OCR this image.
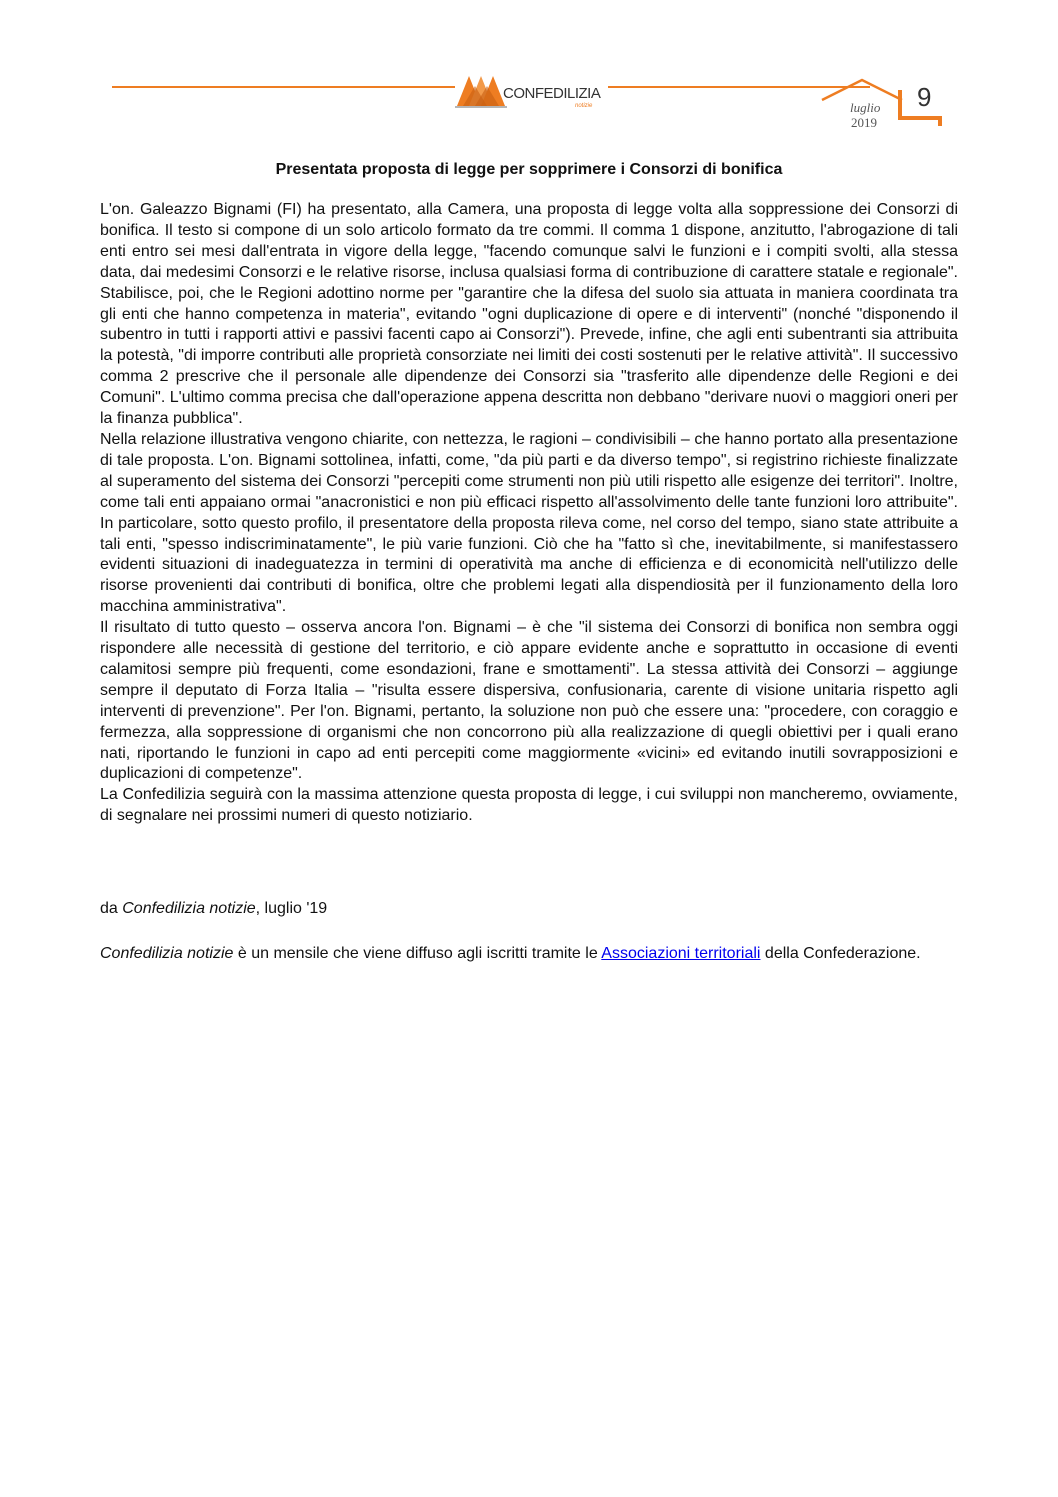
CONFEDILIZIA
notizie	luglio
2019
9
Presentata proposta di legge per sopprimere i Consorzi di bonifica

L'on. Galeazzo Bignami (FI) ha presentato, alla Camera, una proposta di legge volta alla soppressione dei Consorzi di bonifica. Il testo si compone di un solo articolo formato da tre commi. Il comma 1 dispone, anzitutto, l'abrogazione di tali enti entro sei mesi dall'entrata in vigore della legge, "facendo comunque salvi le funzioni e i compiti svolti, alla stessa data, dai medesimi Consorzi e le relative risorse, inclusa qualsiasi forma di contribuzione di carattere statale e regionale". Stabilisce, poi, che le Regioni adottino norme per "garantire che la difesa del suolo sia attuata in maniera coordinata tra gli enti che hanno competenza in materia", evitando "ogni duplicazione di opere e di interventi" (nonché "disponendo il subentro in tutti i rapporti attivi e passivi facenti capo ai Consorzi"). Prevede, infine, che agli enti subentranti sia attribuita la potestà, "di imporre contributi alle proprietà consorziate nei limiti dei costi sostenuti per le relative attività". Il successivo comma 2 prescrive che il personale alle dipendenze dei Consorzi sia "trasferito alle dipendenze delle Regioni e dei Comuni". L'ultimo comma precisa che dall'operazione appena descritta non debbano "derivare nuovi o maggiori oneri per la finanza pubblica".

Nella relazione illustrativa vengono chiarite, con nettezza, le ragioni – condivisibili – che hanno portato alla presentazione di tale proposta. L'on. Bignami sottolinea, infatti, come, "da più parti e da diverso tempo", si registrino richieste finalizzate al superamento del sistema dei Consorzi "percepiti come strumenti non più utili rispetto alle esigenze dei territori". Inoltre, come tali enti appaiano ormai "anacronistici e non più efficaci rispetto all'assolvimento delle tante funzioni loro attribuite". In particolare, sotto questo profilo, il presentatore della proposta rileva come, nel corso del tempo, siano state attribuite a tali enti, "spesso indiscriminatamente", le più varie funzioni. Ciò che ha "fatto sì che, inevitabilmente, si manifestassero evidenti situazioni di inadeguatezza in termini di operatività ma anche di efficienza e di economicità nell'utilizzo delle risorse provenienti dai contributi di bonifica, oltre che problemi legati alla dispendiosità per il funzionamento della loro macchina amministrativa".

Il risultato di tutto questo – osserva ancora l'on. Bignami – è che "il sistema dei Consorzi di bonifica non sembra oggi rispondere alle necessità di gestione del territorio, e ciò appare evidente anche e soprattutto in occasione di eventi calamitosi sempre più frequenti, come esondazioni, frane e smottamenti". La stessa attività dei Consorzi – aggiunge sempre il deputato di Forza Italia – "risulta essere dispersiva, confusionaria, carente di visione unitaria rispetto agli interventi di prevenzione". Per l'on. Bignami, pertanto, la soluzione non può che essere una: "procedere, con coraggio e fermezza, alla soppressione di organismi che non concorrono più alla realizzazione di quegli obiettivi per i quali erano nati, riportando le funzioni in capo ad enti percepiti come maggiormente «vicini» ed evitando inutili sovrapposizioni e duplicazioni di competenze".

La Confedilizia seguirà con la massima attenzione questa proposta di legge, i cui sviluppi non mancheremo, ovviamente, di segnalare nei prossimi numeri di questo notiziario.

da Confedilizia notizie, luglio '19

Confedilizia notizie è un mensile che viene diffuso agli iscritti tramite le Associazioni territoriali della Confederazione.
